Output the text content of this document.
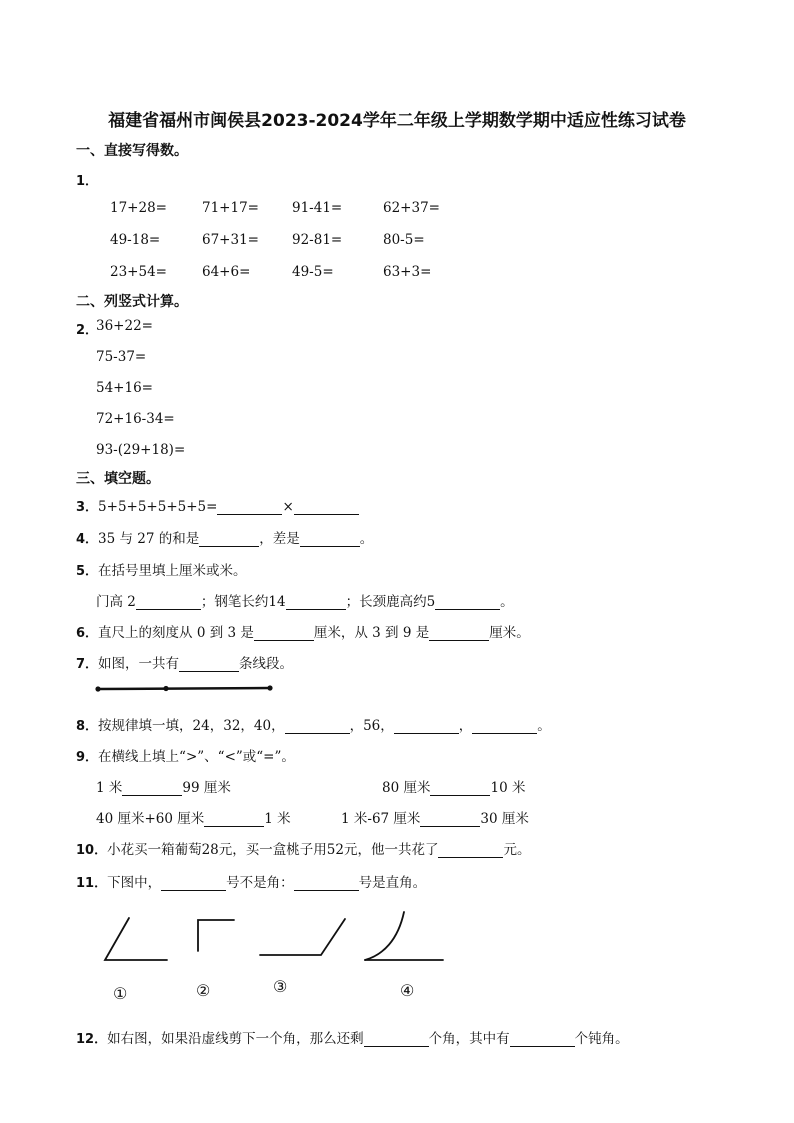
福建省福州市闽侯县2023-2024学年二年级上学期数学期中适应性练习试卷
一、直接写得数。
1．
17+28=	71+17= 91-41=	62+37=
49-18=	67+31= 92-81=	80-5=
23+54=	64+6=	49-5=	63+3=
二、列竖式计算。
2．
36+22=
75-37=
54+16=
72+16-34=
93-(29+18)=
三、填空题。
3．5+5+5+5+5+5=	×
4．35 与 27 的和是	，差是	。
5．在括号里填上厘米或米。
门高 2	；钢笔长约14	；长颈鹿高约5	。
6．直尺上的刻度从 0 到 3 是	厘米，从 3 到 9 是	厘米。
7．如图，一共有	条线段。
8．按规律填一填，24，32，40，	，56，	，	。
9．在横线上填上“>”、“<”或“=”。
1 米	99 厘米	80 厘米	10 米
40 厘米+60 厘米	1 米	1 米-67 厘米	30 厘米
10．小花买一箱葡萄28元，买一盒桃子用52元，他一共花了	元。
11．下图中，	号不是角：	号是直角。
①	②	③	④
12．如右图，如果沿虚线剪下一个角，那么还剩	个角，其中有	个钝角。
